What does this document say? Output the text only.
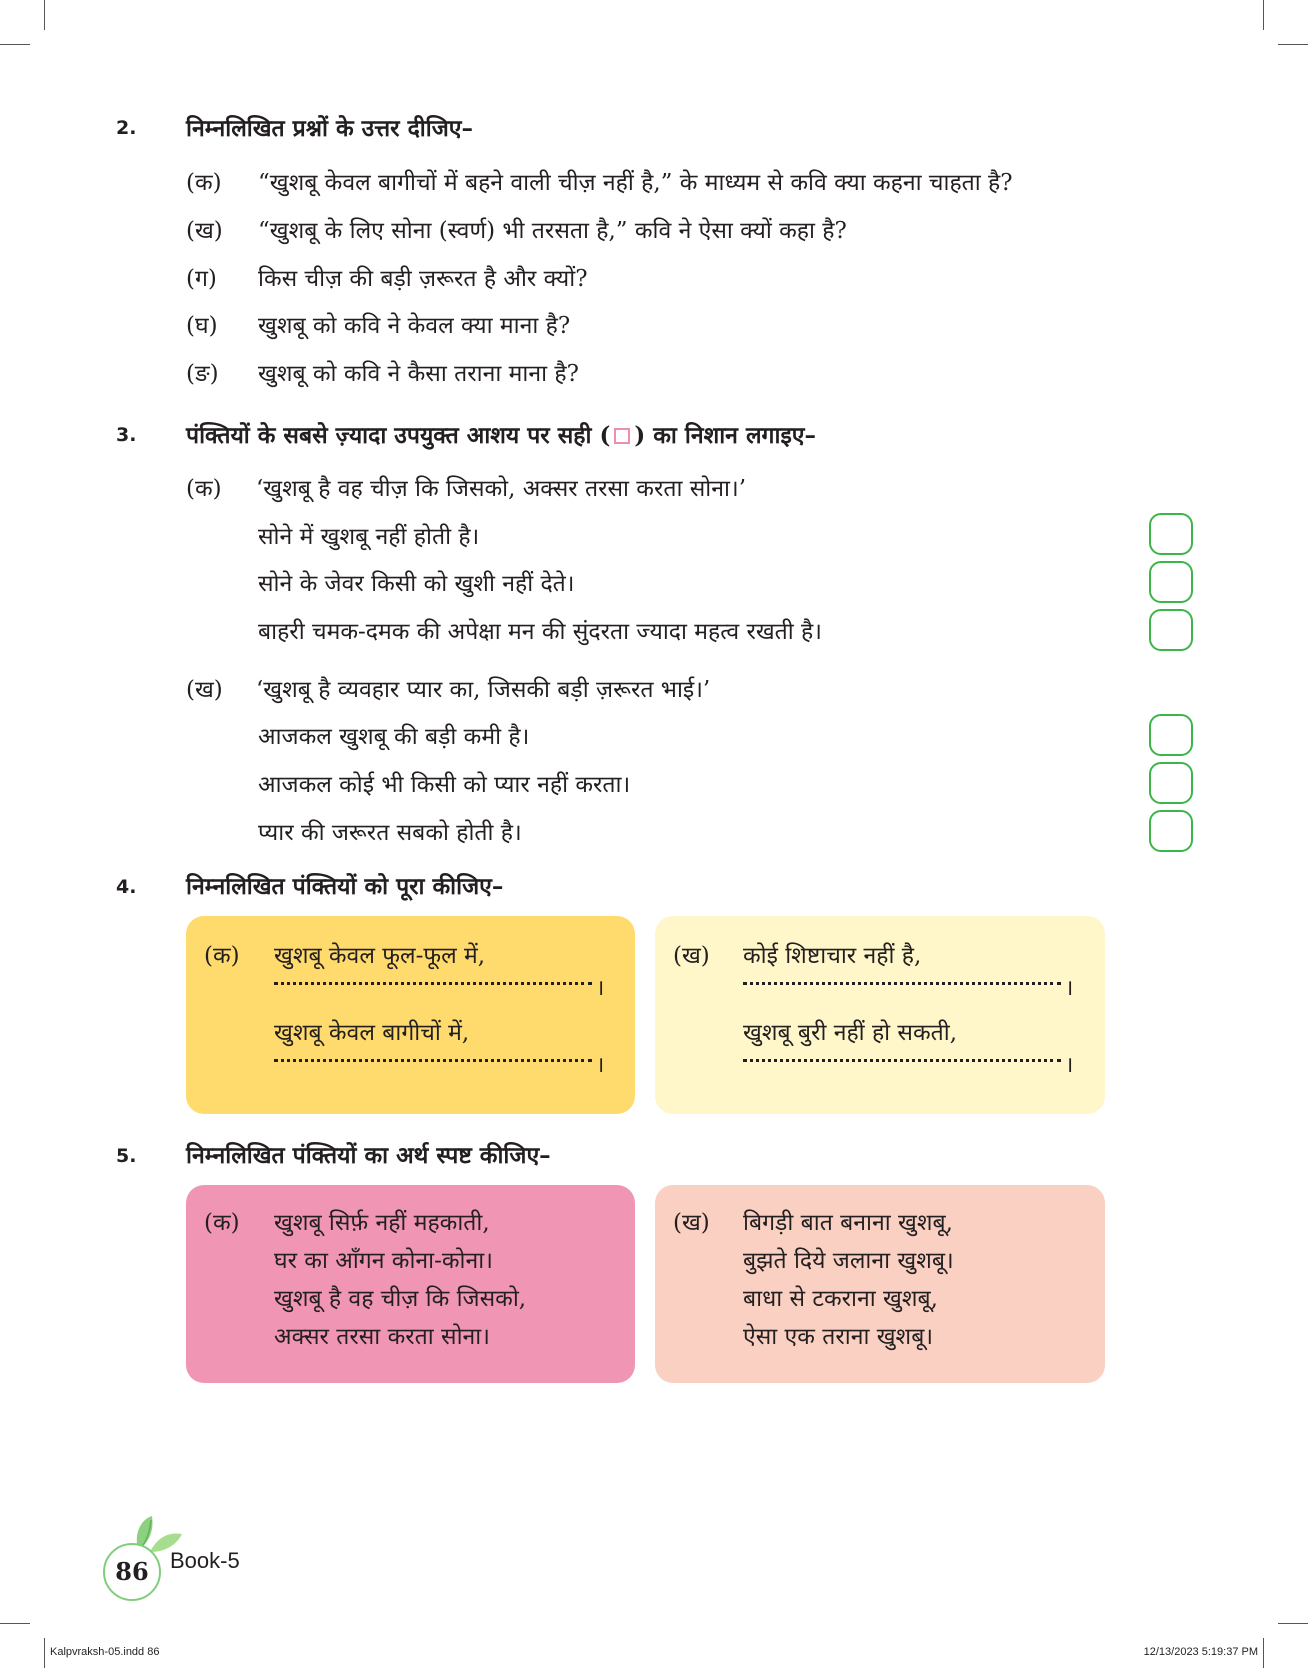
2. निम्नलिखित प्रश्नों के उत्तर दीजिए–
(क) “खुशबू केवल बागीचों में बहने वाली चीज़ नहीं है,” के माध्यम से कवि क्या कहना चाहता है?
(ख) “खुशबू के लिए सोना (स्वर्ण) भी तरसता है,” कवि ने ऐसा क्यों कहा है?
(ग) किस चीज़ की बड़ी ज़रूरत है और क्यों?
(घ) खुशबू को कवि ने केवल क्या माना है?
(ङ) खुशबू को कवि ने कैसा तराना माना है?
3. पंक्तियों के सबसे ज़्यादा उपयुक्त आशय पर सही ( ) का निशान लगाइए–
(क) ‘खुशबू है वह चीज़ कि जिसको, अक्सर तरसा करता सोना।’
सोने में खुशबू नहीं होती है।
सोने के जेवर किसी को खुशी नहीं देते।
बाहरी चमक-दमक की अपेक्षा मन की सुंदरता ज्यादा महत्व रखती है।
(ख) ‘खुशबू है व्यवहार प्यार का, जिसकी बड़ी ज़रूरत भाई।’
आजकल खुशबू की बड़ी कमी है।
आजकल कोई भी किसी को प्यार नहीं करता।
प्यार की जरूरत सबको होती है।
4. निम्नलिखित पंक्तियों को पूरा कीजिए–
(क) खुशबू केवल फूल-फूल में,
।
खुशबू केवल बागीचों में,
।
(ख) कोई शिष्टाचार नहीं है,
।
खुशबू बुरी नहीं हो सकती,
।
5. निम्नलिखित पंक्तियों का अर्थ स्पष्ट कीजिए–
(क) खुशबू सिर्फ़ नहीं महकाती,
घर का आँगन कोना-कोना।
खुशबू है वह चीज़ कि जिसको,
अक्सर तरसा करता सोना।
(ख) बिगड़ी बात बनाना खुशबू,
बुझते दिये जलाना खुशबू।
बाधा से टकराना खुशबू,
ऐसा एक तराना खुशबू।
86 Book-5
Kalpvraksh-05.indd 86	12/13/2023 5:19:37 PM
